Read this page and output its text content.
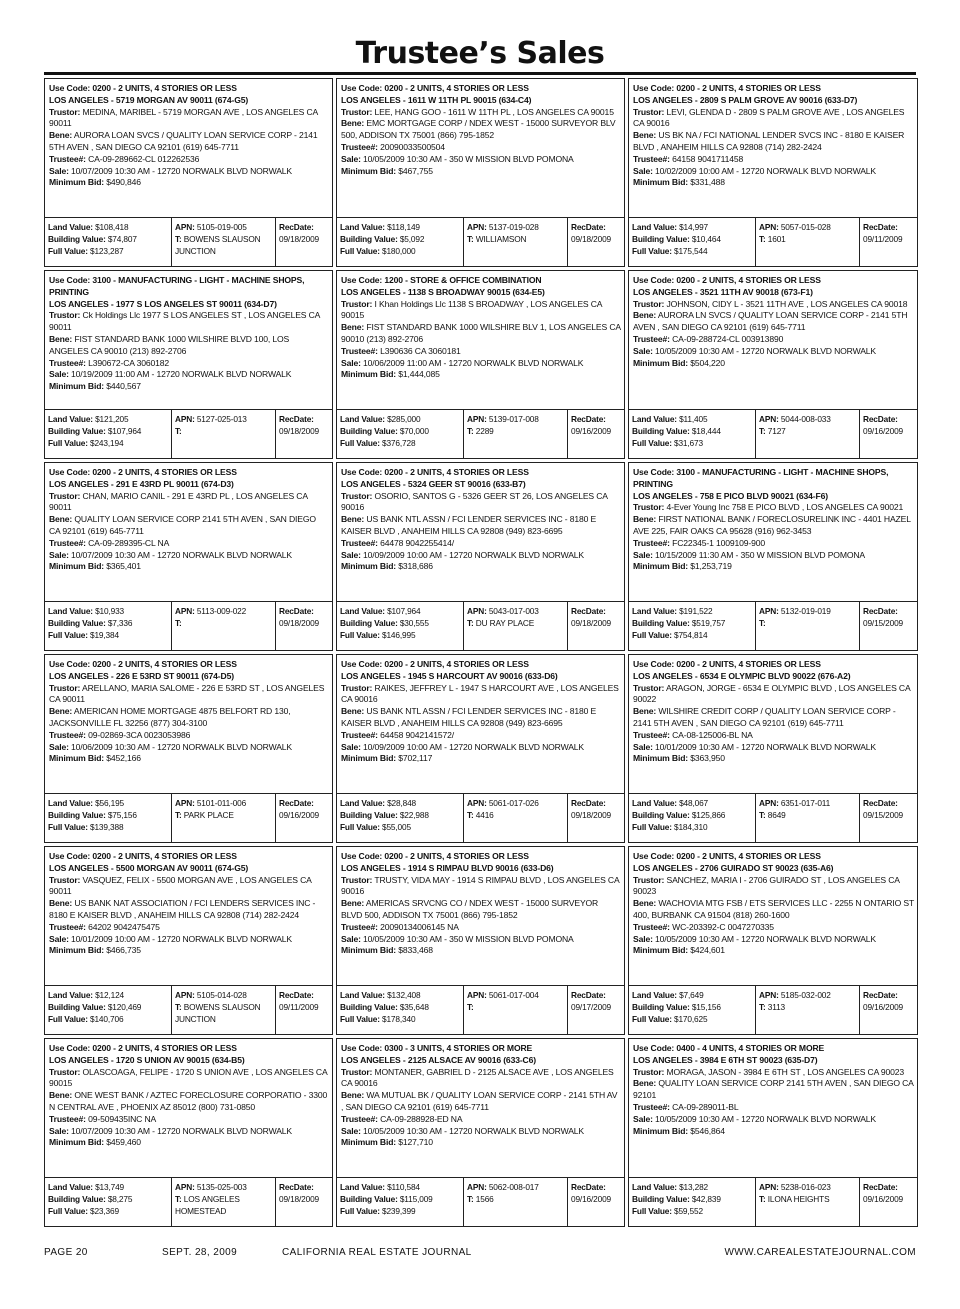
Trustee’s Sales
Use Code: 0200 - 2 UNITS, 4 STORIES OR LESS
LOS ANGELES - 5719 MORGAN AV 90011 (674-G5)
Trustor: MEDINA, MARIBEL - 5719 MORGAN AVE , LOS ANGELES CA 90011
Bene: AURORA LOAN SVCS / QUALITY LOAN SERVICE CORP - 2141 5TH AVEN , SAN DIEGO CA 92101 (619) 645-7711
Trustee#: CA-09-289662-CL 012262536
Sale: 10/07/2009 10:30 AM - 12720 NORWALK BLVD NORWALK
Minimum Bid: $490,846
Land Value: $108,418
Building Value: $74,807
Full Value: $123,287
APN: 5105-019-005
T: BOWENS SLAUSON JUNCTION
RecDate:
09/18/2009
Use Code: 0200 - 2 UNITS, 4 STORIES OR LESS
LOS ANGELES - 1611 W 11TH PL 90015 (634-C4)
Trustor: LEE, HANG GOO - 1611 W 11TH PL , LOS ANGELES CA 90015
Bene: EMC MORTGAGE CORP / NDEX WEST - 15000 SURVEYOR BLV 500, ADDISON TX 75001 (866) 795-1852
Trustee#: 20090033500504
Sale: 10/05/2009 10:30 AM - 350 W MISSION BLVD POMONA
Minimum Bid: $467,755
Land Value: $118,149
Building Value: $5,092
Full Value: $180,000
APN: 5137-019-028
T: WILLIAMSON
RecDate:
09/18/2009
Use Code: 0200 - 2 UNITS, 4 STORIES OR LESS
LOS ANGELES - 2809 S PALM GROVE AV 90016 (633-D7)
Trustor: LEVI, GLENDA D - 2809 S PALM GROVE AVE , LOS ANGELES CA 90016
Bene: US BK NA / FCI NATIONAL LENDER SVCS INC - 8180 E KAISER BLVD , ANAHEIM HILLS CA 92808 (714) 282-2424
Trustee#: 64158 9041711458
Sale: 10/02/2009 10:00 AM - 12720 NORWALK BLVD NORWALK
Minimum Bid: $331,488
Land Value: $14,997
Building Value: $10,464
Full Value: $175,544
APN: 5057-015-028
T: 1601
RecDate:
09/11/2009
Use Code: 3100 - MANUFACTURING - LIGHT - MACHINE SHOPS, PRINTING
LOS ANGELES - 1977 S LOS ANGELES ST 90011 (634-D7)
Trustor: Ck Holdings Llc 1977 S LOS ANGELES ST , LOS ANGELES CA 90011
Bene: FIST STANDARD BANK 1000 WILSHIRE BLVD 100, LOS ANGELES CA 90010 (213) 892-2706
Trustee#: L390672-CA 3060182
Sale: 10/19/2009 11:00 AM - 12720 NORWALK BLVD NORWALK
Minimum Bid: $440,567
Land Value: $121,205
Building Value: $107,964
Full Value: $243,194
APN: 5127-025-013
T:
RecDate:
09/18/2009
Use Code: 1200 - STORE & OFFICE COMBINATION
LOS ANGELES - 1138 S BROADWAY 90015 (634-E5)
Trustor: I Khan Holdings Llc 1138 S BROADWAY , LOS ANGELES CA 90015
Bene: FIST STANDARD BANK 1000 WILSHIRE BLV 1, LOS ANGELES CA 90010 (213) 892-2706
Trustee#: L390636 CA 3060181
Sale: 10/06/2009 11:00 AM - 12720 NORWALK BLVD NORWALK
Minimum Bid: $1,444,085
Land Value: $285,000
Building Value: $70,000
Full Value: $376,728
APN: 5139-017-008
T: 2289
RecDate:
09/16/2009
Use Code: 0200 - 2 UNITS, 4 STORIES OR LESS
LOS ANGELES - 3521 11TH AV 90018 (673-F1)
Trustor: JOHNSON, CIDY L - 3521 11TH AVE , LOS ANGELES CA 90018
Bene: AURORA LN SVCS / QUALITY LOAN SERVICE CORP - 2141 5TH AVEN , SAN DIEGO CA 92101 (619) 645-7711
Trustee#: CA-09-288724-CL 003913890
Sale: 10/05/2009 10:30 AM - 12720 NORWALK BLVD NORWALK
Minimum Bid: $504,220
Land Value: $11,405
Building Value: $18,444
Full Value: $31,673
APN: 5044-008-033
T: 7127
RecDate:
09/16/2009
Use Code: 0200 - 2 UNITS, 4 STORIES OR LESS
LOS ANGELES - 291 E 43RD PL 90011 (674-D3)
Trustor: CHAN, MARIO CANIL - 291 E 43RD PL , LOS ANGELES CA 90011
Bene: QUALITY LOAN SERVICE CORP 2141 5TH AVEN , SAN DIEGO CA 92101 (619) 645-7711
Trustee#: CA-09-289395-CL NA
Sale: 10/07/2009 10:30 AM - 12720 NORWALK BLVD NORWALK
Minimum Bid: $365,401
Land Value: $10,933
Building Value: $7,336
Full Value: $19,384
APN: 5113-009-022
T:
RecDate:
09/18/2009
Use Code: 0200 - 2 UNITS, 4 STORIES OR LESS
LOS ANGELES - 5324 GEER ST 90016 (633-B7)
Trustor: OSORIO, SANTOS G - 5326 GEER ST 26, LOS ANGELES CA 90016
Bene: US BANK NTL ASSN / FCI LENDER SERVICES INC - 8180 E KAISER BLVD , ANAHEIM HILLS CA 92808 (949) 823-6695
Trustee#: 64478 9042255414/
Sale: 10/09/2009 10:00 AM - 12720 NORWALK BLVD NORWALK
Minimum Bid: $318,686
Land Value: $107,964
Building Value: $30,555
Full Value: $146,995
APN: 5043-017-003
T: DU RAY PLACE
RecDate:
09/18/2009
Use Code: 3100 - MANUFACTURING - LIGHT - MACHINE SHOPS, PRINTING
LOS ANGELES - 758 E PICO BLVD 90021 (634-F6)
Trustor: 4-Ever Young Inc 758 E PICO BLVD , LOS ANGELES CA 90021
Bene: FIRST NATIONAL BANK / FORECLOSURELINK INC - 4401 HAZEL AVE 225, FAIR OAKS CA 95628 (916) 962-3453
Trustee#: FC22345-1 1009109-900
Sale: 10/15/2009 11:30 AM - 350 W MISSION BLVD POMONA
Minimum Bid: $1,253,719
Land Value: $191,522
Building Value: $519,757
Full Value: $754,814
APN: 5132-019-019
T:
RecDate:
09/15/2009
Use Code: 0200 - 2 UNITS, 4 STORIES OR LESS
LOS ANGELES - 226 E 53RD ST 90011 (674-D5)
Trustor: ARELLANO, MARIA SALOME - 226 E 53RD ST , LOS ANGELES CA 90011
Bene: AMERICAN HOME MORTGAGE 4875 BELFORT RD 130, JACKSONVILLE FL 32256 (877) 304-3100
Trustee#: 09-02869-3CA 0023053986
Sale: 10/06/2009 10:30 AM - 12720 NORWALK BLVD NORWALK
Minimum Bid: $452,166
Land Value: $56,195
Building Value: $75,156
Full Value: $139,388
APN: 5101-011-006
T: PARK PLACE
RecDate:
09/16/2009
Use Code: 0200 - 2 UNITS, 4 STORIES OR LESS
LOS ANGELES - 1945 S HARCOURT AV 90016 (633-D6)
Trustor: RAIKES, JEFFREY L - 1947 S HARCOURT AVE , LOS ANGELES CA 90016
Bene: US BANK NTL ASSN / FCI LENDER SERVICES INC - 8180 E KAISER BLVD , ANAHEIM HILLS CA 92808 (949) 823-6695
Trustee#: 64458 9042141572/
Sale: 10/09/2009 10:00 AM - 12720 NORWALK BLVD NORWALK
Minimum Bid: $702,117
Land Value: $28,848
Building Value: $22,988
Full Value: $55,005
APN: 5061-017-026
T: 4416
RecDate:
09/18/2009
Use Code: 0200 - 2 UNITS, 4 STORIES OR LESS
LOS ANGELES - 6534 E OLYMPIC BLVD 90022 (676-A2)
Trustor: ARAGON, JORGE - 6534 E OLYMPIC BLVD , LOS ANGELES CA 90022
Bene: WILSHIRE CREDIT CORP / QUALITY LOAN SERVICE CORP - 2141 5TH AVEN , SAN DIEGO CA 92101 (619) 645-7711
Trustee#: CA-08-125006-BL NA
Sale: 10/01/2009 10:30 AM - 12720 NORWALK BLVD NORWALK
Minimum Bid: $363,950
Land Value: $48,067
Building Value: $125,866
Full Value: $184,310
APN: 6351-017-011
T: 8649
RecDate:
09/15/2009
Use Code: 0200 - 2 UNITS, 4 STORIES OR LESS
LOS ANGELES - 5500 MORGAN AV 90011 (674-G5)
Trustor: VASQUEZ, FELIX - 5500 MORGAN AVE , LOS ANGELES CA 90011
Bene: US BANK NAT ASSOCIATION / FCI LENDERS SERVICES INC - 8180 E KAISER BLVD , ANAHEIM HILLS CA 92808 (714) 282-2424
Trustee#: 64202 9042475475
Sale: 10/01/2009 10:00 AM - 12720 NORWALK BLVD NORWALK
Minimum Bid: $466,735
Land Value: $12,124
Building Value: $120,469
Full Value: $140,706
APN: 5105-014-028
T: BOWENS SLAUSON JUNCTION
RecDate:
09/11/2009
Use Code: 0200 - 2 UNITS, 4 STORIES OR LESS
LOS ANGELES - 1914 S RIMPAU BLVD 90016 (633-D6)
Trustor: TRUSTY, VIDA MAY - 1914 S RIMPAU BLVD , LOS ANGELES CA 90016
Bene: AMERICAS SRVCNG CO / NDEX WEST - 15000 SURVEYOR BLVD 500, ADDISON TX 75001 (866) 795-1852
Trustee#: 20090134006145 NA
Sale: 10/05/2009 10:30 AM - 350 W MISSION BLVD POMONA
Minimum Bid: $833,468
Land Value: $132,408
Building Value: $35,648
Full Value: $178,340
APN: 5061-017-004
T:
RecDate:
09/17/2009
Use Code: 0200 - 2 UNITS, 4 STORIES OR LESS
LOS ANGELES - 2706 GUIRADO ST 90023 (635-A6)
Trustor: SANCHEZ, MARIA I - 2706 GUIRADO ST , LOS ANGELES CA 90023
Bene: WACHOVIA MTG FSB / ETS SERVICES LLC - 2255 N ONTARIO ST 400, BURBANK CA 91504 (818) 260-1600
Trustee#: WC-203392-C 0047270335
Sale: 10/05/2009 10:30 AM - 12720 NORWALK BLVD NORWALK
Minimum Bid: $424,601
Land Value: $7,649
Building Value: $15,156
Full Value: $170,625
APN: 5185-032-002
T: 3113
RecDate:
09/16/2009
Use Code: 0200 - 2 UNITS, 4 STORIES OR LESS
LOS ANGELES - 1720 S UNION AV 90015 (634-B5)
Trustor: OLASCOAGA, FELIPE - 1720 S UNION AVE , LOS ANGELES CA 90015
Bene: ONE WEST BANK / AZTEC FORECLOSURE CORPORATIO - 3300 N CENTRAL AVE , PHOENIX AZ 85012 (800) 731-0850
Trustee#: 09-509435INC NA
Sale: 10/07/2009 10:30 AM - 12720 NORWALK BLVD NORWALK
Minimum Bid: $459,460
Land Value: $13,749
Building Value: $8,275
Full Value: $23,369
APN: 5135-025-003
T: LOS ANGELES HOMESTEAD
RecDate:
09/18/2009
Use Code: 0300 - 3 UNITS, 4 STORIES OR MORE
LOS ANGELES - 2125 ALSACE AV 90016 (633-C6)
Trustor: MONTANER, GABRIEL D - 2125 ALSACE AVE , LOS ANGELES CA 90016
Bene: WA MUTUAL BK / QUALITY LOAN SERVICE CORP - 2141 5TH AV , SAN DIEGO CA 92101 (619) 645-7711
Trustee#: CA-09-288928-ED NA
Sale: 10/05/2009 10:30 AM - 12720 NORWALK BLVD NORWALK
Minimum Bid: $127,710
Land Value: $110,584
Building Value: $115,009
Full Value: $239,399
APN: 5062-008-017
T: 1566
RecDate:
09/16/2009
Use Code: 0400 - 4 UNITS, 4 STORIES OR MORE
LOS ANGELES - 3984 E 6TH ST 90023 (635-D7)
Trustor: MORAGA, JASON - 3984 E 6TH ST , LOS ANGELES CA 90023
Bene: QUALITY LOAN SERVICE CORP 2141 5TH AVEN , SAN DIEGO CA 92101
Trustee#: CA-09-289011-BL
Sale: 10/05/2009 10:30 AM - 12720 NORWALK BLVD NORWALK
Minimum Bid: $546,864
Land Value: $13,282
Building Value: $42,839
Full Value: $59,552
APN: 5238-016-023
T: ILONA HEIGHTS
RecDate:
09/16/2009
PAGE 20	SEPT. 28, 2009	CALIFORNIA REAL ESTATE JOURNAL	WWW.CAREALESTATEJOURNAL.COM
